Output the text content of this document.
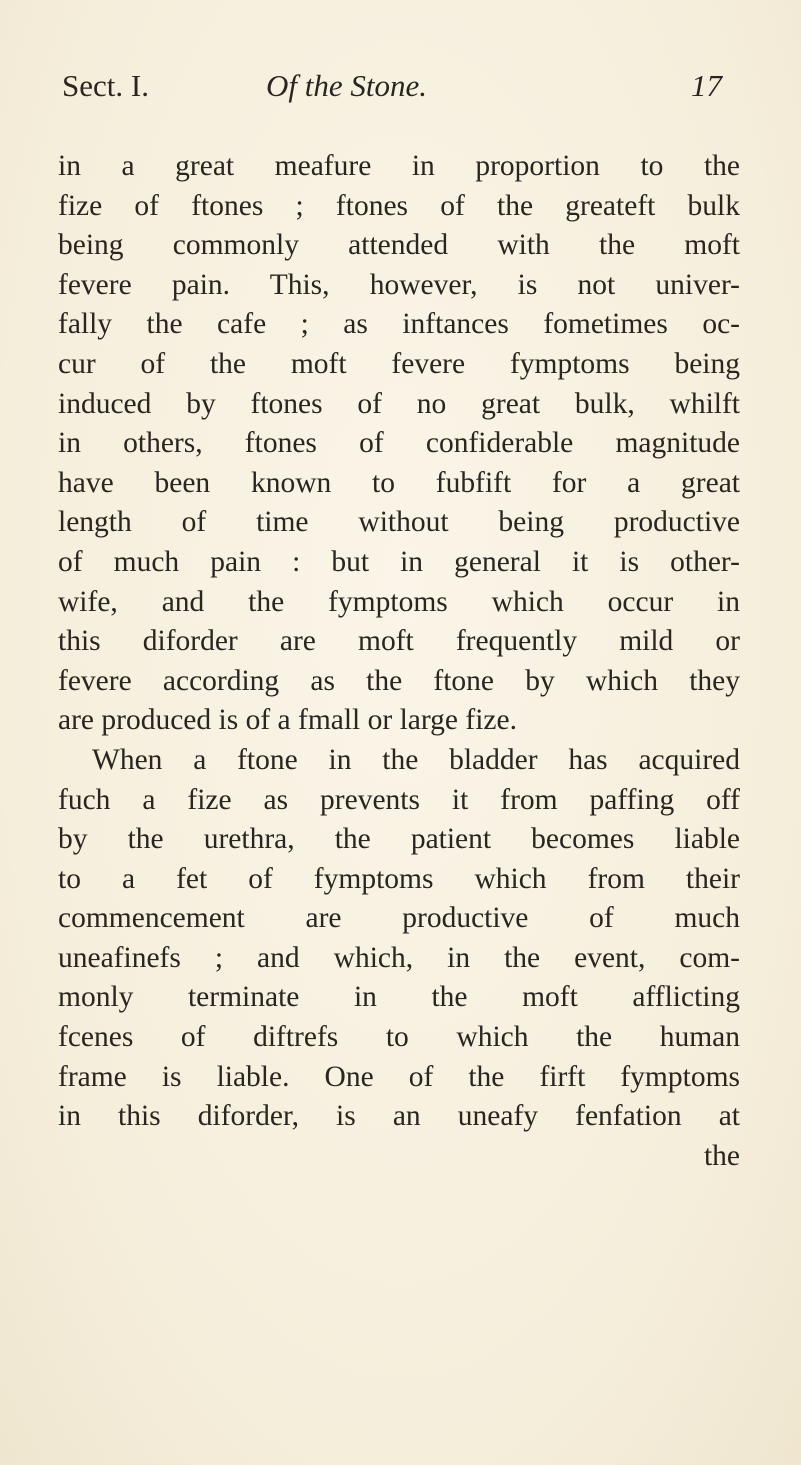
Sect. I.	Of the Stone.	17
in a great meafure in proportion to the
fize of ftones ; ftones of the greateft bulk
being commonly attended with the moft
fevere pain. This, however, is not univer-
fally the cafe ; as inftances fometimes oc-
cur of the moft fevere fymptoms being
induced by ftones of no great bulk, whilft
in others, ftones of confiderable magnitude
have been known to fubfift for a great
length of time without being productive
of much pain : but in general it is other-
wife, and the fymptoms which occur in
this diforder are moft frequently mild or
fevere according as the ftone by which they
are produced is of a fmall or large fize.
When a ftone in the bladder has acquired
fuch a fize as prevents it from paffing off
by the urethra, the patient becomes liable
to a fet of fymptoms which from their
commencement are productive of much
uneafinefs ; and which, in the event, com-
monly terminate in the moft afflicting
fcenes of diftrefs to which the human
frame is liable. One of the firft fymptoms
in this diforder, is an uneafy fenfation at
the
